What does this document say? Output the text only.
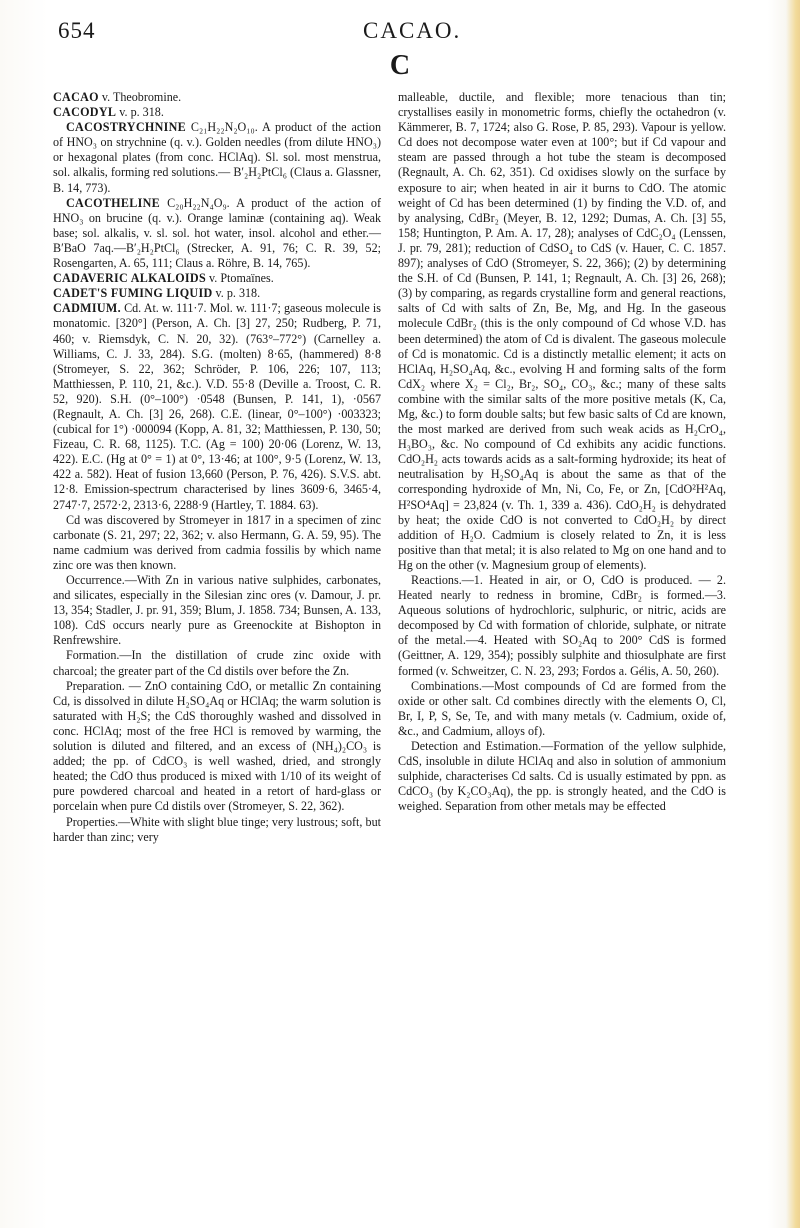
654	CACAO.
C

CACAO v. Theobromine.

CACODYL v. p. 318.

CACOSTRYCHNINE C₂₁H₂₂N₂O₁₀. A product of the action of HNO₃ on strychnine (q. v.). Golden needles (from dilute HNO₃) or hexagonal plates (from conc. HClAq). Sl. sol. most menstrua, sol. alkalis, forming red solutions.— B′₂H₂PtCl₆ (Claus a. Glassner, B. 14, 773).

CACOTHELINE C₂₀H₂₂N₄O₉. A product of the action of HNO₃ on brucine (q. v.). Orange laminæ (containing aq). Weak base; sol. alkalis, v. sl. sol. hot water, insol. alcohol and ether.—B′BaO 7aq.—B′₂H₂PtCl₆ (Strecker, A. 91, 76; C. R. 39, 52; Rosengarten, A. 65, 111; Claus a. Röhre, B. 14, 765).

CADAVERIC ALKALOIDS v. Ptomaïnes.

CADET'S FUMING LIQUID v. p. 318.

CADMIUM. Cd. At. w. 111·7. Mol. w. 111·7; gaseous molecule is monatomic. [320°] (Person, A. Ch. [3] 27, 250; Rudberg, P. 71, 460; v. Riemsdyk, C. N. 20, 32). (763°–772°) (Carnelley a. Williams, C. J. 33, 284). S.G. (molten) 8·65, (hammered) 8·8 (Stromeyer, S. 22, 362; Schröder, P. 106, 226; 107, 113; Matthiessen, P. 110, 21, &c.). V.D. 55·8 (Deville a. Troost, C. R. 52, 920). S.H. (0°–100°) ·0548 (Bunsen, P. 141, 1), ·0567 (Regnault, A. Ch. [3] 26, 268). C.E. (linear, 0°–100°) ·003323; (cubical for 1°) ·000094 (Kopp, A. 81, 32; Matthiessen, P. 130, 50; Fizeau, C. R. 68, 1125). T.C. (Ag = 100) 20·06 (Lorenz, W. 13, 422). E.C. (Hg at 0° = 1) at 0°, 13·46; at 100°, 9·5 (Lorenz, W. 13, 422 a. 582). Heat of fusion 13,660 (Person, P. 76, 426). S.V.S. abt. 12·8. Emission-spectrum characterised by lines 3609·6, 3465·4, 2747·7, 2572·2, 2313·6, 2288·9 (Hartley, T. 1884. 63).

Cd was discovered by Stromeyer in 1817 in a specimen of zinc carbonate (S. 21, 297; 22, 362; v. also Hermann, G. A. 59, 95). The name cadmium was derived from cadmia fossilis by which name zinc ore was then known.

Occurrence.—With Zn in various native sulphides, carbonates, and silicates, especially in the Silesian zinc ores (v. Damour, J. pr. 13, 354; Stadler, J. pr. 91, 359; Blum, J. 1858. 734; Bunsen, A. 133, 108). CdS occurs nearly pure as Greenockite at Bishopton in Renfrewshire.

Formation.—In the distillation of crude zinc oxide with charcoal; the greater part of the Cd distils over before the Zn.

Preparation. — ZnO containing CdO, or metallic Zn containing Cd, is dissolved in dilute H₂SO₄Aq or HClAq; the warm solution is saturated with H₂S; the CdS thoroughly washed and dissolved in conc. HClAq; most of the free HCl is removed by warming, the solution is diluted and filtered, and an excess of (NH₄)₂CO₃ is added; the pp. of CdCO₃ is well washed, dried, and strongly heated; the CdO thus produced is mixed with 1/10 of its weight of pure powdered charcoal and heated in a retort of hard-glass or porcelain when pure Cd distils over (Stromeyer, S. 22, 362).

Properties.—White with slight blue tinge; very lustrous; soft, but harder than zinc; very

malleable, ductile, and flexible; more tenacious than tin; crystallises easily in monometric forms, chiefly the octahedron (v. Kämmerer, B. 7, 1724; also G. Rose, P. 85, 293). Vapour is yellow. Cd does not decompose water even at 100°; but if Cd vapour and steam are passed through a hot tube the steam is decomposed (Regnault, A. Ch. 62, 351). Cd oxidises slowly on the surface by exposure to air; when heated in air it burns to CdO. The atomic weight of Cd has been determined (1) by finding the V.D. of, and by analysing, CdBr₂ (Meyer, B. 12, 1292; Dumas, A. Ch. [3] 55, 158; Huntington, P. Am. A. 17, 28); analyses of CdC₂O₄ (Lenssen, J. pr. 79, 281); reduction of CdSO₄ to CdS (v. Hauer, C. C. 1857. 897); analyses of CdO (Stromeyer, S. 22, 366); (2) by determining the S.H. of Cd (Bunsen, P. 141, 1; Regnault, A. Ch. [3] 26, 268); (3) by comparing, as regards crystalline form and general reactions, salts of Cd with salts of Zn, Be, Mg, and Hg. In the gaseous molecule CdBr₂ (this is the only compound of Cd whose V.D. has been determined) the atom of Cd is divalent. The gaseous molecule of Cd is monatomic. Cd is a distinctly metallic element; it acts on HClAq, H₂SO₄Aq, &c., evolving H and forming salts of the form CdX₂ where X₂ = Cl₂, Br₂, SO₄, CO₃, &c.; many of these salts combine with the similar salts of the more positive metals (K, Ca, Mg, &c.) to form double salts; but few basic salts of Cd are known, the most marked are derived from such weak acids as H₂CrO₄, H₃BO₃, &c. No compound of Cd exhibits any acidic functions. CdO₂H₂ acts towards acids as a salt-forming hydroxide; its heat of neutralisation by H₂SO₄Aq is about the same as that of the corresponding hydroxide of Mn, Ni, Co, Fe, or Zn, [CdO²H²Aq, H²SO⁴Aq] = 23,824 (v. Th. 1, 339 a. 436). CdO₂H₂ is dehydrated by heat; the oxide CdO is not converted to CdO₂H₂ by direct addition of H₂O. Cadmium is closely related to Zn, it is less positive than that metal; it is also related to Mg on one hand and to Hg on the other (v. Magnesium group of elements).

Reactions.—1. Heated in air, or O, CdO is produced. — 2. Heated nearly to redness in bromine, CdBr₂ is formed.—3. Aqueous solutions of hydrochloric, sulphuric, or nitric, acids are decomposed by Cd with formation of chloride, sulphate, or nitrate of the metal.—4. Heated with SO₂Aq to 200° CdS is formed (Geittner, A. 129, 354); possibly sulphite and thiosulphate are first formed (v. Schweitzer, C. N. 23, 293; Fordos a. Gélis, A. 50, 260).

Combinations.—Most compounds of Cd are formed from the oxide or other salt. Cd combines directly with the elements O, Cl, Br, I, P, S, Se, Te, and with many metals (v. Cadmium, oxide of, &c., and Cadmium, alloys of).

Detection and Estimation.—Formation of the yellow sulphide, CdS, insoluble in dilute HClAq and also in solution of ammonium sulphide, characterises Cd salts. Cd is usually estimated by ppn. as CdCO₃ (by K₂CO₃Aq), the pp. is strongly heated, and the CdO is weighed. Separation from other metals may be effected
